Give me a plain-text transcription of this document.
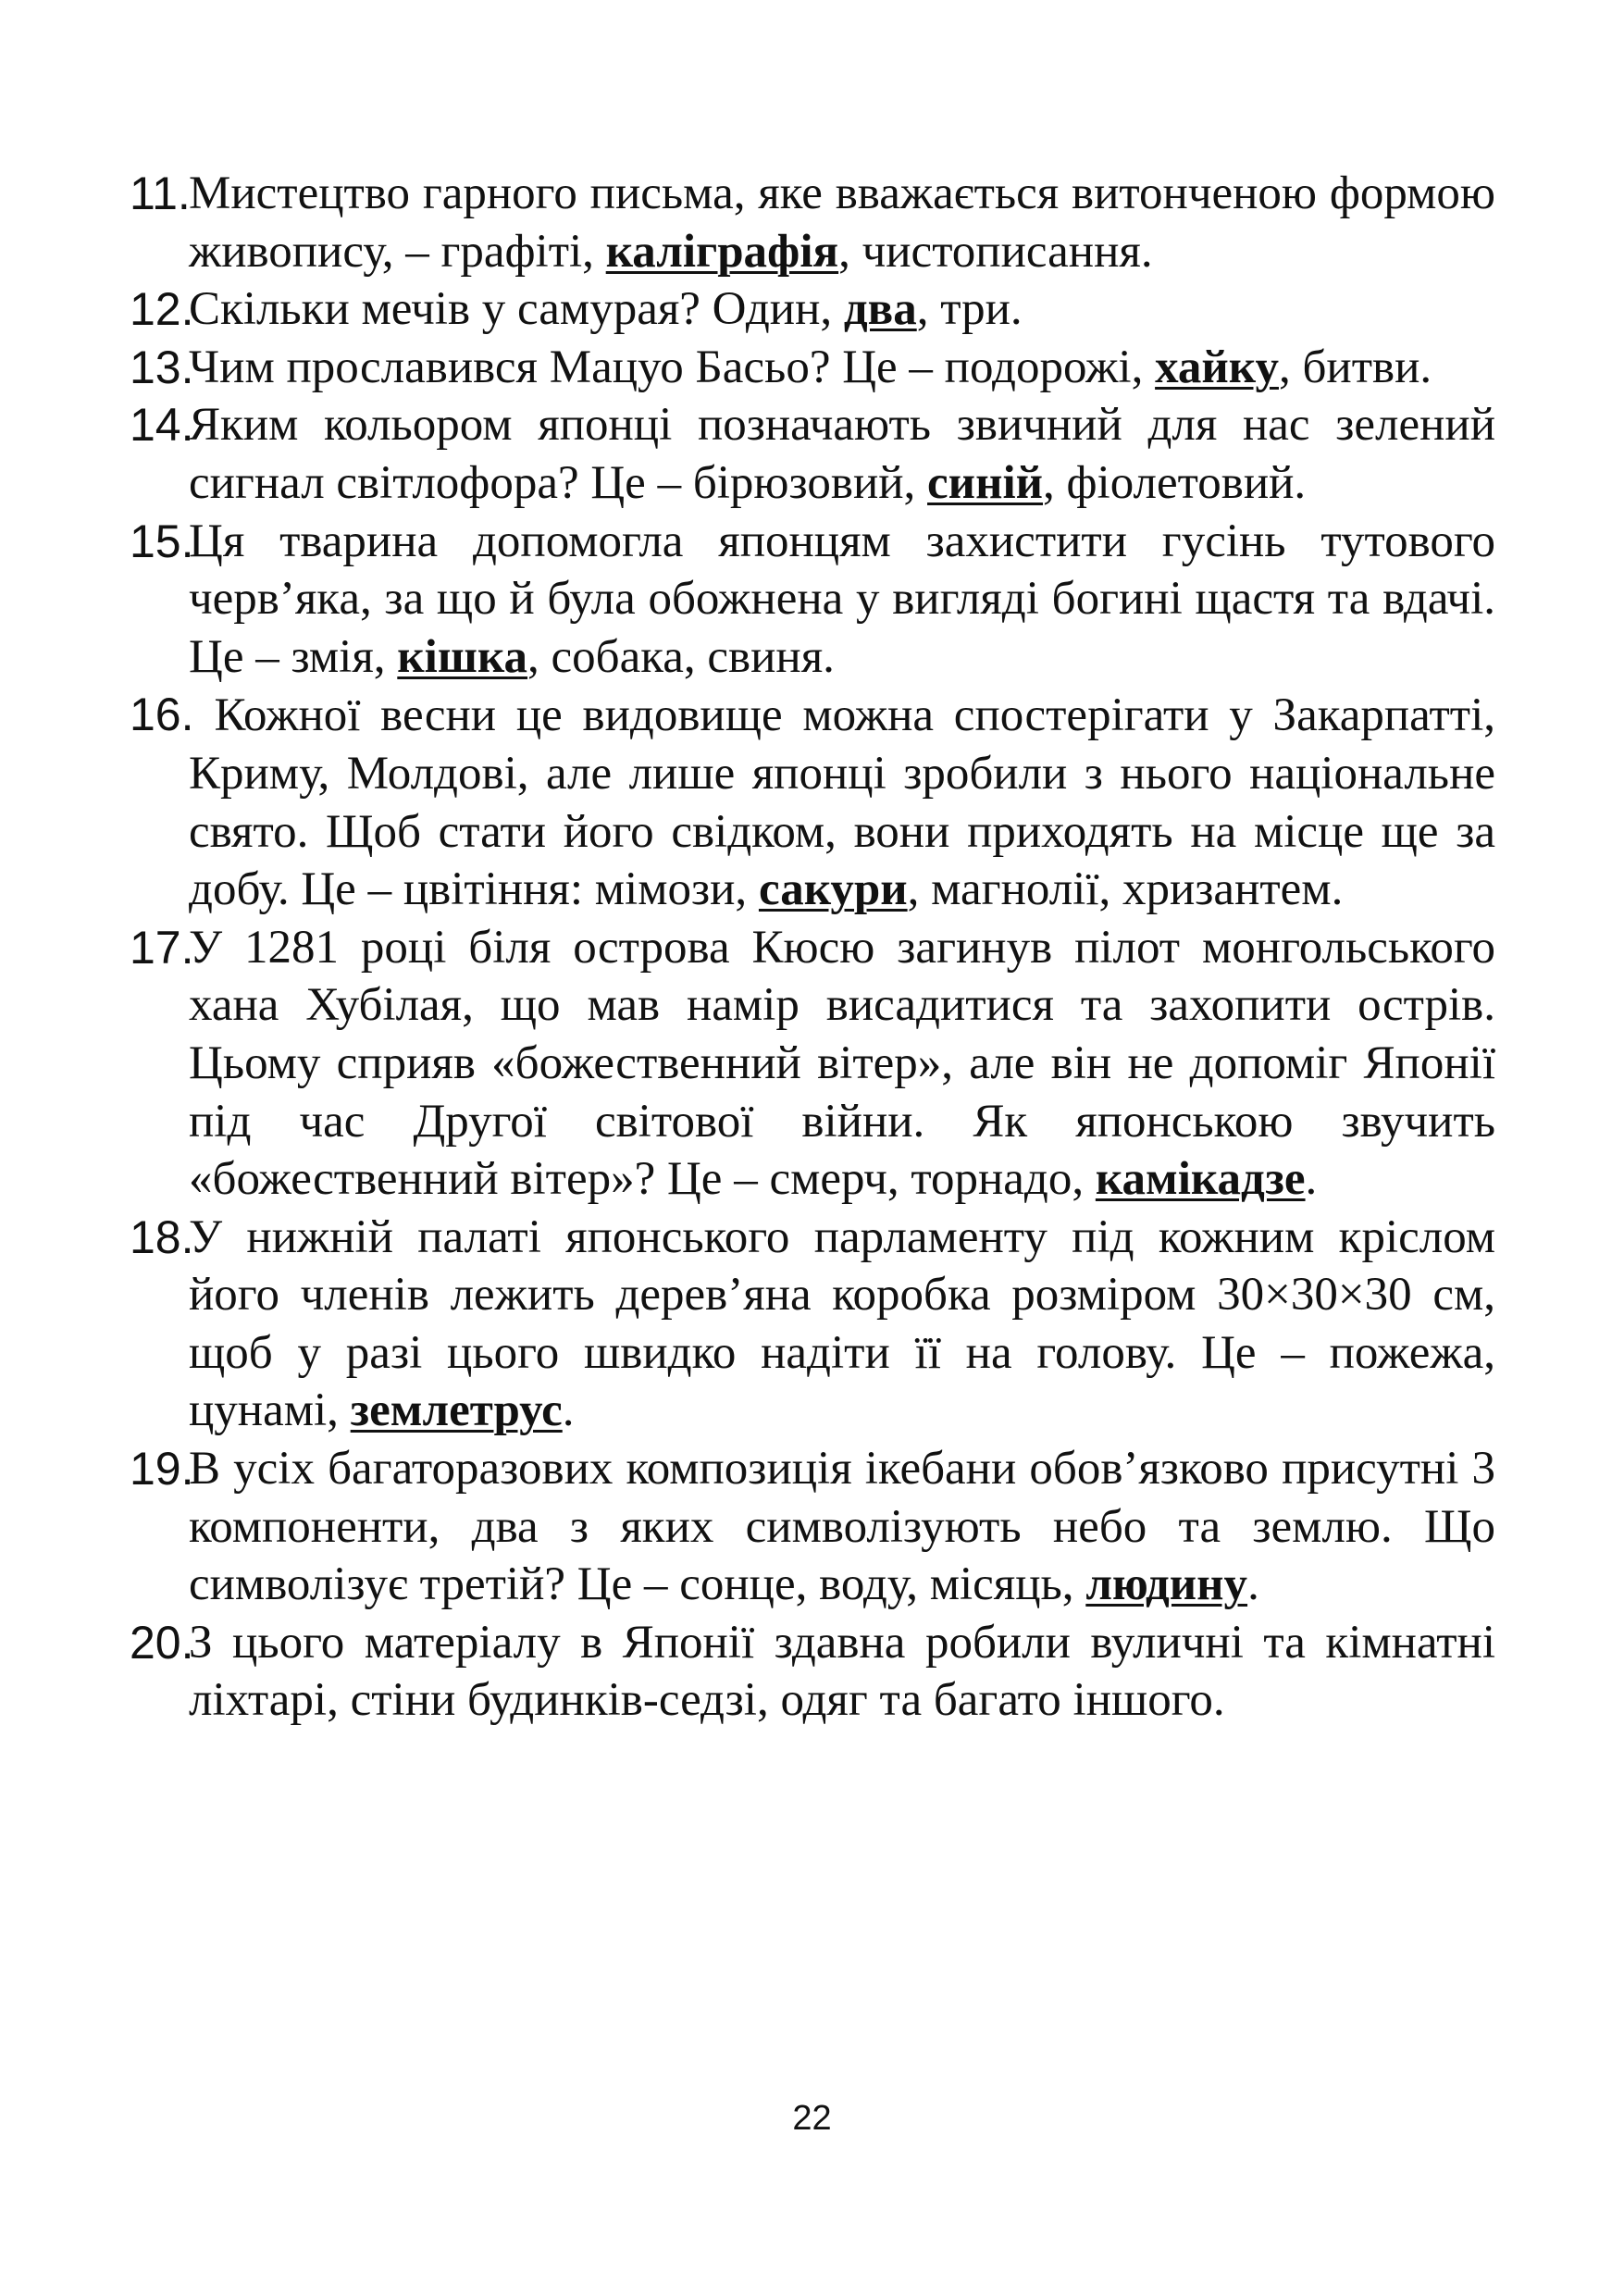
11.
Мистецтво гарного письма, яке вважається витонченою формою живопису, – графіті, каліграфія, чистописання.
12.
Скільки мечів у самурая? Один, два, три.
13.
Чим прославився Мацуо Басьо? Це – подорожі, хайку, битви.
14.
Яким кольором японці позначають звичний для нас зелений сигнал світлофора? Це – бірюзовий, синій, фіолетовий.
15.
Ця тварина допомогла японцям захистити гусінь тутового черв’яка, за що й була обожнена у вигляді богині щастя та вдачі. Це – змія, кішка, собака, свиня.
16. Кожної весни це видовище можна спостерігати у Закарпатті, Криму, Молдові, але лише японці зробили з нього національне свято. Щоб стати його свідком, вони приходять на місце ще за добу. Це – цвітіння: мімози, сакури, магнолії, хризантем.
17.
У 1281 році біля острова Кюсю загинув пілот монгольського хана Хубілая, що мав намір висадитися та захопити острів. Цьому сприяв «божественний вітер», але він не допоміг Японії під час Другої світової війни. Як японською звучить «божественний вітер»? Це – смерч, торнадо, камікадзе.
18.
У нижній палаті японського парламенту під кожним кріслом його членів лежить дерев’яна коробка розміром 30×30×30 см, щоб у разі цього швидко надіти її на голову. Це – пожежа, цунамі, землетрус.
19.
В усіх багаторазових композиція ікебани обов’язково присутні 3 компоненти, два з яких символізують небо та землю. Що символізує третій? Це – сонце, воду, місяць, людину.
20.
З цього матеріалу в Японії здавна робили вуличні та кімнатні ліхтарі, стіни будинків-седзі, одяг та багато іншого.
22
